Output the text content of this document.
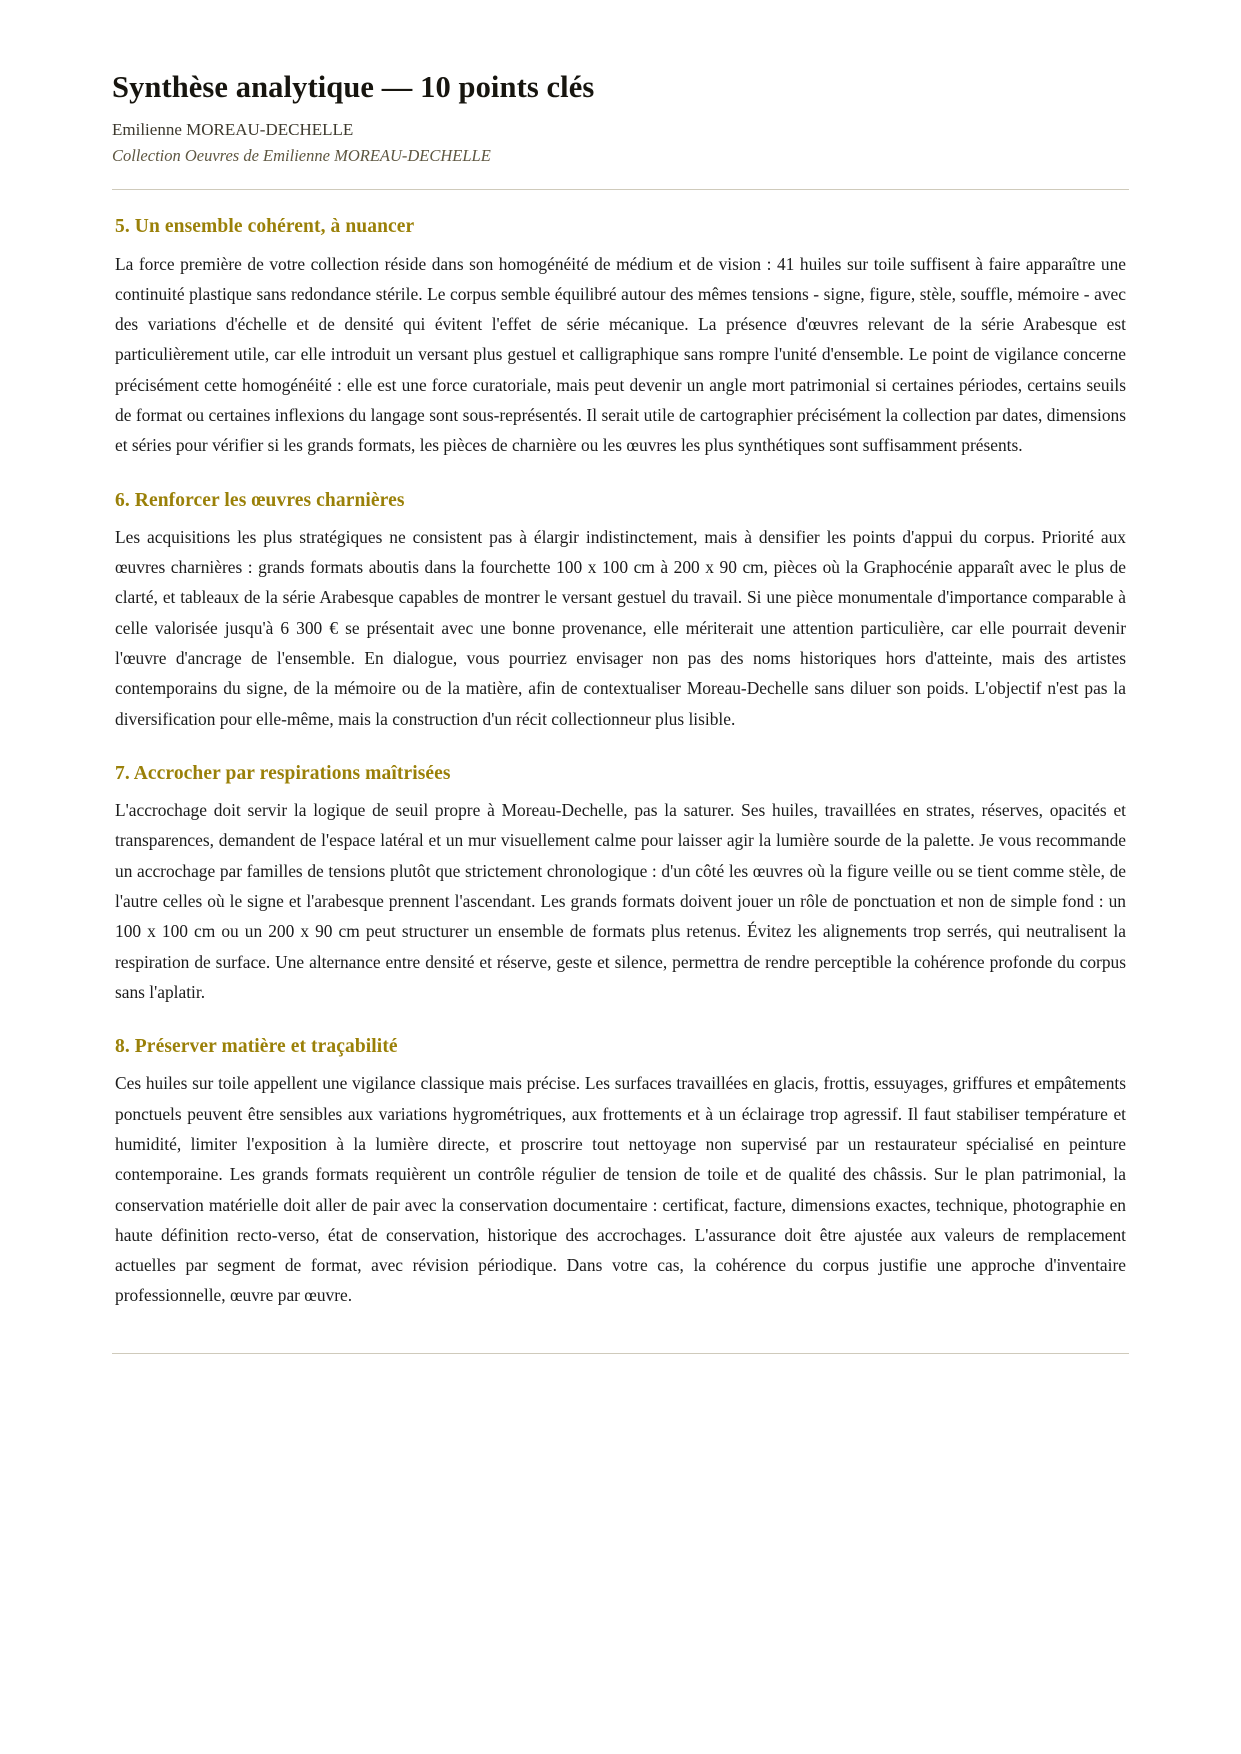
Synthèse analytique — 10 points clés
Emilienne MOREAU-DECHELLE
Collection Oeuvres de Emilienne MOREAU-DECHELLE
5. Un ensemble cohérent, à nuancer

La force première de votre collection réside dans son homogénéité de médium et de vision : 41 huiles sur toile suffisent à faire apparaître une continuité plastique sans redondance stérile. Le corpus semble équilibré autour des mêmes tensions - signe, figure, stèle, souffle, mémoire - avec des variations d'échelle et de densité qui évitent l'effet de série mécanique. La présence d'œuvres relevant de la série Arabesque est particulièrement utile, car elle introduit un versant plus gestuel et calligraphique sans rompre l'unité d'ensemble. Le point de vigilance concerne précisément cette homogénéité : elle est une force curatoriale, mais peut devenir un angle mort patrimonial si certaines périodes, certains seuils de format ou certaines inflexions du langage sont sous-représentés. Il serait utile de cartographier précisément la collection par dates, dimensions et séries pour vérifier si les grands formats, les pièces de charnière ou les œuvres les plus synthétiques sont suffisamment présents.

6. Renforcer les œuvres charnières

Les acquisitions les plus stratégiques ne consistent pas à élargir indistinctement, mais à densifier les points d'appui du corpus. Priorité aux œuvres charnières : grands formats aboutis dans la fourchette 100 x 100 cm à 200 x 90 cm, pièces où la Graphocénie apparaît avec le plus de clarté, et tableaux de la série Arabesque capables de montrer le versant gestuel du travail. Si une pièce monumentale d'importance comparable à celle valorisée jusqu'à 6 300 € se présentait avec une bonne provenance, elle mériterait une attention particulière, car elle pourrait devenir l'œuvre d'ancrage de l'ensemble. En dialogue, vous pourriez envisager non pas des noms historiques hors d'atteinte, mais des artistes contemporains du signe, de la mémoire ou de la matière, afin de contextualiser Moreau-Dechelle sans diluer son poids. L'objectif n'est pas la diversification pour elle-même, mais la construction d'un récit collectionneur plus lisible.

7. Accrocher par respirations maîtrisées

L'accrochage doit servir la logique de seuil propre à Moreau-Dechelle, pas la saturer. Ses huiles, travaillées en strates, réserves, opacités et transparences, demandent de l'espace latéral et un mur visuellement calme pour laisser agir la lumière sourde de la palette. Je vous recommande un accrochage par familles de tensions plutôt que strictement chronologique : d'un côté les œuvres où la figure veille ou se tient comme stèle, de l'autre celles où le signe et l'arabesque prennent l'ascendant. Les grands formats doivent jouer un rôle de ponctuation et non de simple fond : un 100 x 100 cm ou un 200 x 90 cm peut structurer un ensemble de formats plus retenus. Évitez les alignements trop serrés, qui neutralisent la respiration de surface. Une alternance entre densité et réserve, geste et silence, permettra de rendre perceptible la cohérence profonde du corpus sans l'aplatir.

8. Préserver matière et traçabilité

Ces huiles sur toile appellent une vigilance classique mais précise. Les surfaces travaillées en glacis, frottis, essuyages, griffures et empâtements ponctuels peuvent être sensibles aux variations hygrométriques, aux frottements et à un éclairage trop agressif. Il faut stabiliser température et humidité, limiter l'exposition à la lumière directe, et proscrire tout nettoyage non supervisé par un restaurateur spécialisé en peinture contemporaine. Les grands formats requièrent un contrôle régulier de tension de toile et de qualité des châssis. Sur le plan patrimonial, la conservation matérielle doit aller de pair avec la conservation documentaire : certificat, facture, dimensions exactes, technique, photographie en haute définition recto-verso, état de conservation, historique des accrochages. L'assurance doit être ajustée aux valeurs de remplacement actuelles par segment de format, avec révision périodique. Dans votre cas, la cohérence du corpus justifie une approche d'inventaire professionnelle, œuvre par œuvre.
